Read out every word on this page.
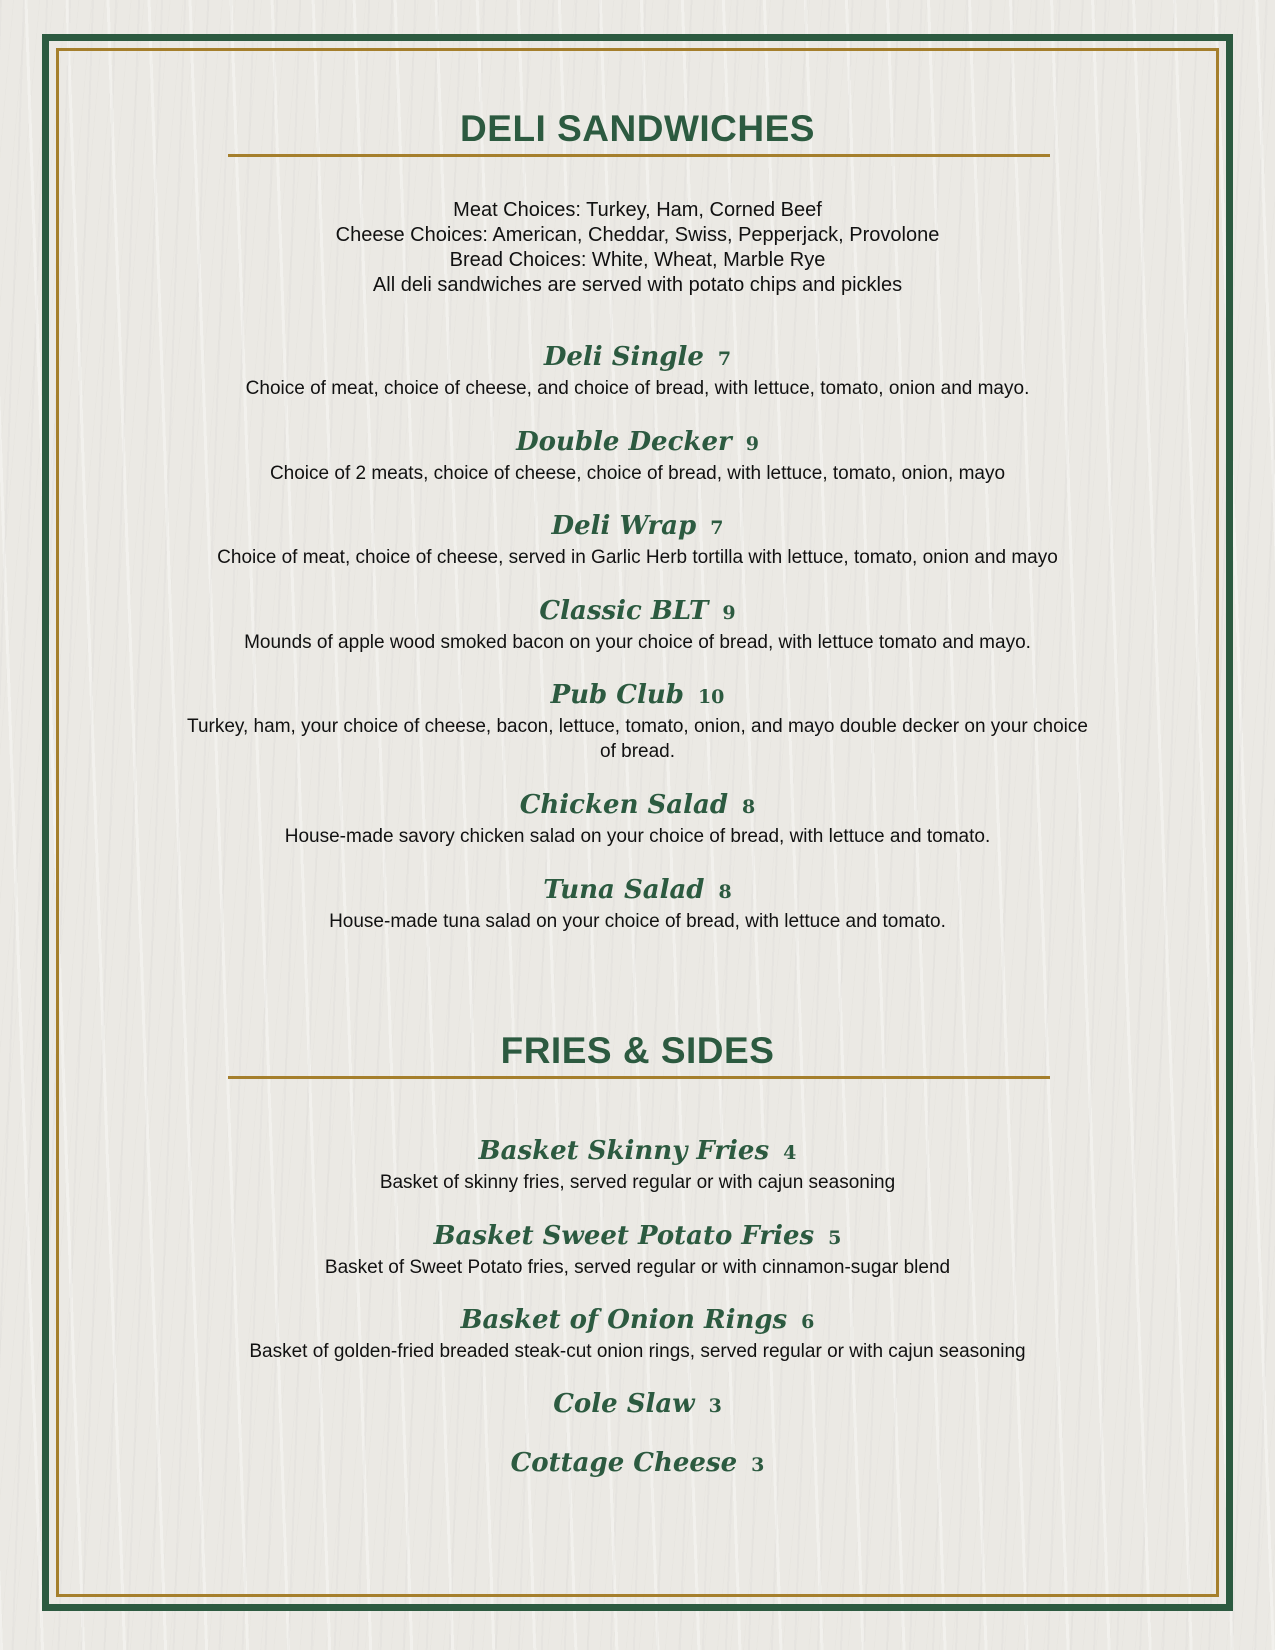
DELI SANDWICHES
Meat Choices: Turkey, Ham, Corned Beef
Cheese Choices: American, Cheddar, Swiss, Pepperjack, Provolone
Bread Choices: White, Wheat, Marble Rye
All deli sandwiches are served with potato chips and pickles
Deli Single 7
Choice of meat, choice of cheese, and choice of bread, with lettuce, tomato, onion and mayo.
Double Decker 9
Choice of 2 meats, choice of cheese, choice of bread, with lettuce, tomato, onion, mayo
Deli Wrap 7
Choice of meat, choice of cheese, served in Garlic Herb tortilla with lettuce, tomato, onion and mayo
Classic BLT 9
Mounds of apple wood smoked bacon on your choice of bread, with lettuce tomato and mayo.
Pub Club 10
Turkey, ham, your choice of cheese, bacon, lettuce, tomato, onion, and mayo double decker on your choice of bread.
Chicken Salad 8
House-made savory chicken salad on your choice of bread, with lettuce and tomato.
Tuna Salad 8
House-made tuna salad on your choice of bread, with lettuce and tomato.
FRIES & SIDES
Basket Skinny Fries 4
Basket of skinny fries, served regular or with cajun seasoning
Basket Sweet Potato Fries 5
Basket of Sweet Potato fries, served regular or with cinnamon-sugar blend
Basket of Onion Rings 6
Basket of golden-fried breaded steak-cut onion rings, served regular or with cajun seasoning
Cole Slaw 3
Cottage Cheese 3
